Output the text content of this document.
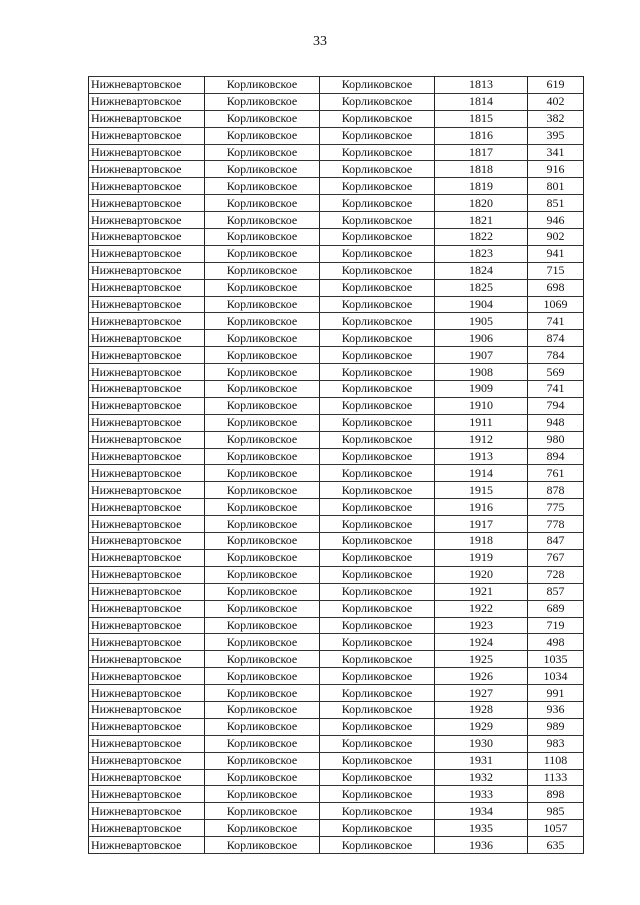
33
Нижневартовское	Корликовское	Корликовское	1813	619
Нижневартовское	Корликовское	Корликовское	1814	402
Нижневартовское	Корликовское	Корликовское	1815	382
Нижневартовское	Корликовское	Корликовское	1816	395
Нижневартовское	Корликовское	Корликовское	1817	341
Нижневартовское	Корликовское	Корликовское	1818	916
Нижневартовское	Корликовское	Корликовское	1819	801
Нижневартовское	Корликовское	Корликовское	1820	851
Нижневартовское	Корликовское	Корликовское	1821	946
Нижневартовское	Корликовское	Корликовское	1822	902
Нижневартовское	Корликовское	Корликовское	1823	941
Нижневартовское	Корликовское	Корликовское	1824	715
Нижневартовское	Корликовское	Корликовское	1825	698
Нижневартовское	Корликовское	Корликовское	1904	1069
Нижневартовское	Корликовское	Корликовское	1905	741
Нижневартовское	Корликовское	Корликовское	1906	874
Нижневартовское	Корликовское	Корликовское	1907	784
Нижневартовское	Корликовское	Корликовское	1908	569
Нижневартовское	Корликовское	Корликовское	1909	741
Нижневартовское	Корликовское	Корликовское	1910	794
Нижневартовское	Корликовское	Корликовское	1911	948
Нижневартовское	Корликовское	Корликовское	1912	980
Нижневартовское	Корликовское	Корликовское	1913	894
Нижневартовское	Корликовское	Корликовское	1914	761
Нижневартовское	Корликовское	Корликовское	1915	878
Нижневартовское	Корликовское	Корликовское	1916	775
Нижневартовское	Корликовское	Корликовское	1917	778
Нижневартовское	Корликовское	Корликовское	1918	847
Нижневартовское	Корликовское	Корликовское	1919	767
Нижневартовское	Корликовское	Корликовское	1920	728
Нижневартовское	Корликовское	Корликовское	1921	857
Нижневартовское	Корликовское	Корликовское	1922	689
Нижневартовское	Корликовское	Корликовское	1923	719
Нижневартовское	Корликовское	Корликовское	1924	498
Нижневартовское	Корликовское	Корликовское	1925	1035
Нижневартовское	Корликовское	Корликовское	1926	1034
Нижневартовское	Корликовское	Корликовское	1927	991
Нижневартовское	Корликовское	Корликовское	1928	936
Нижневартовское	Корликовское	Корликовское	1929	989
Нижневартовское	Корликовское	Корликовское	1930	983
Нижневартовское	Корликовское	Корликовское	1931	1108
Нижневартовское	Корликовское	Корликовское	1932	1133
Нижневартовское	Корликовское	Корликовское	1933	898
Нижневартовское	Корликовское	Корликовское	1934	985
Нижневартовское	Корликовское	Корликовское	1935	1057
Нижневартовское	Корликовское	Корликовское	1936	635
